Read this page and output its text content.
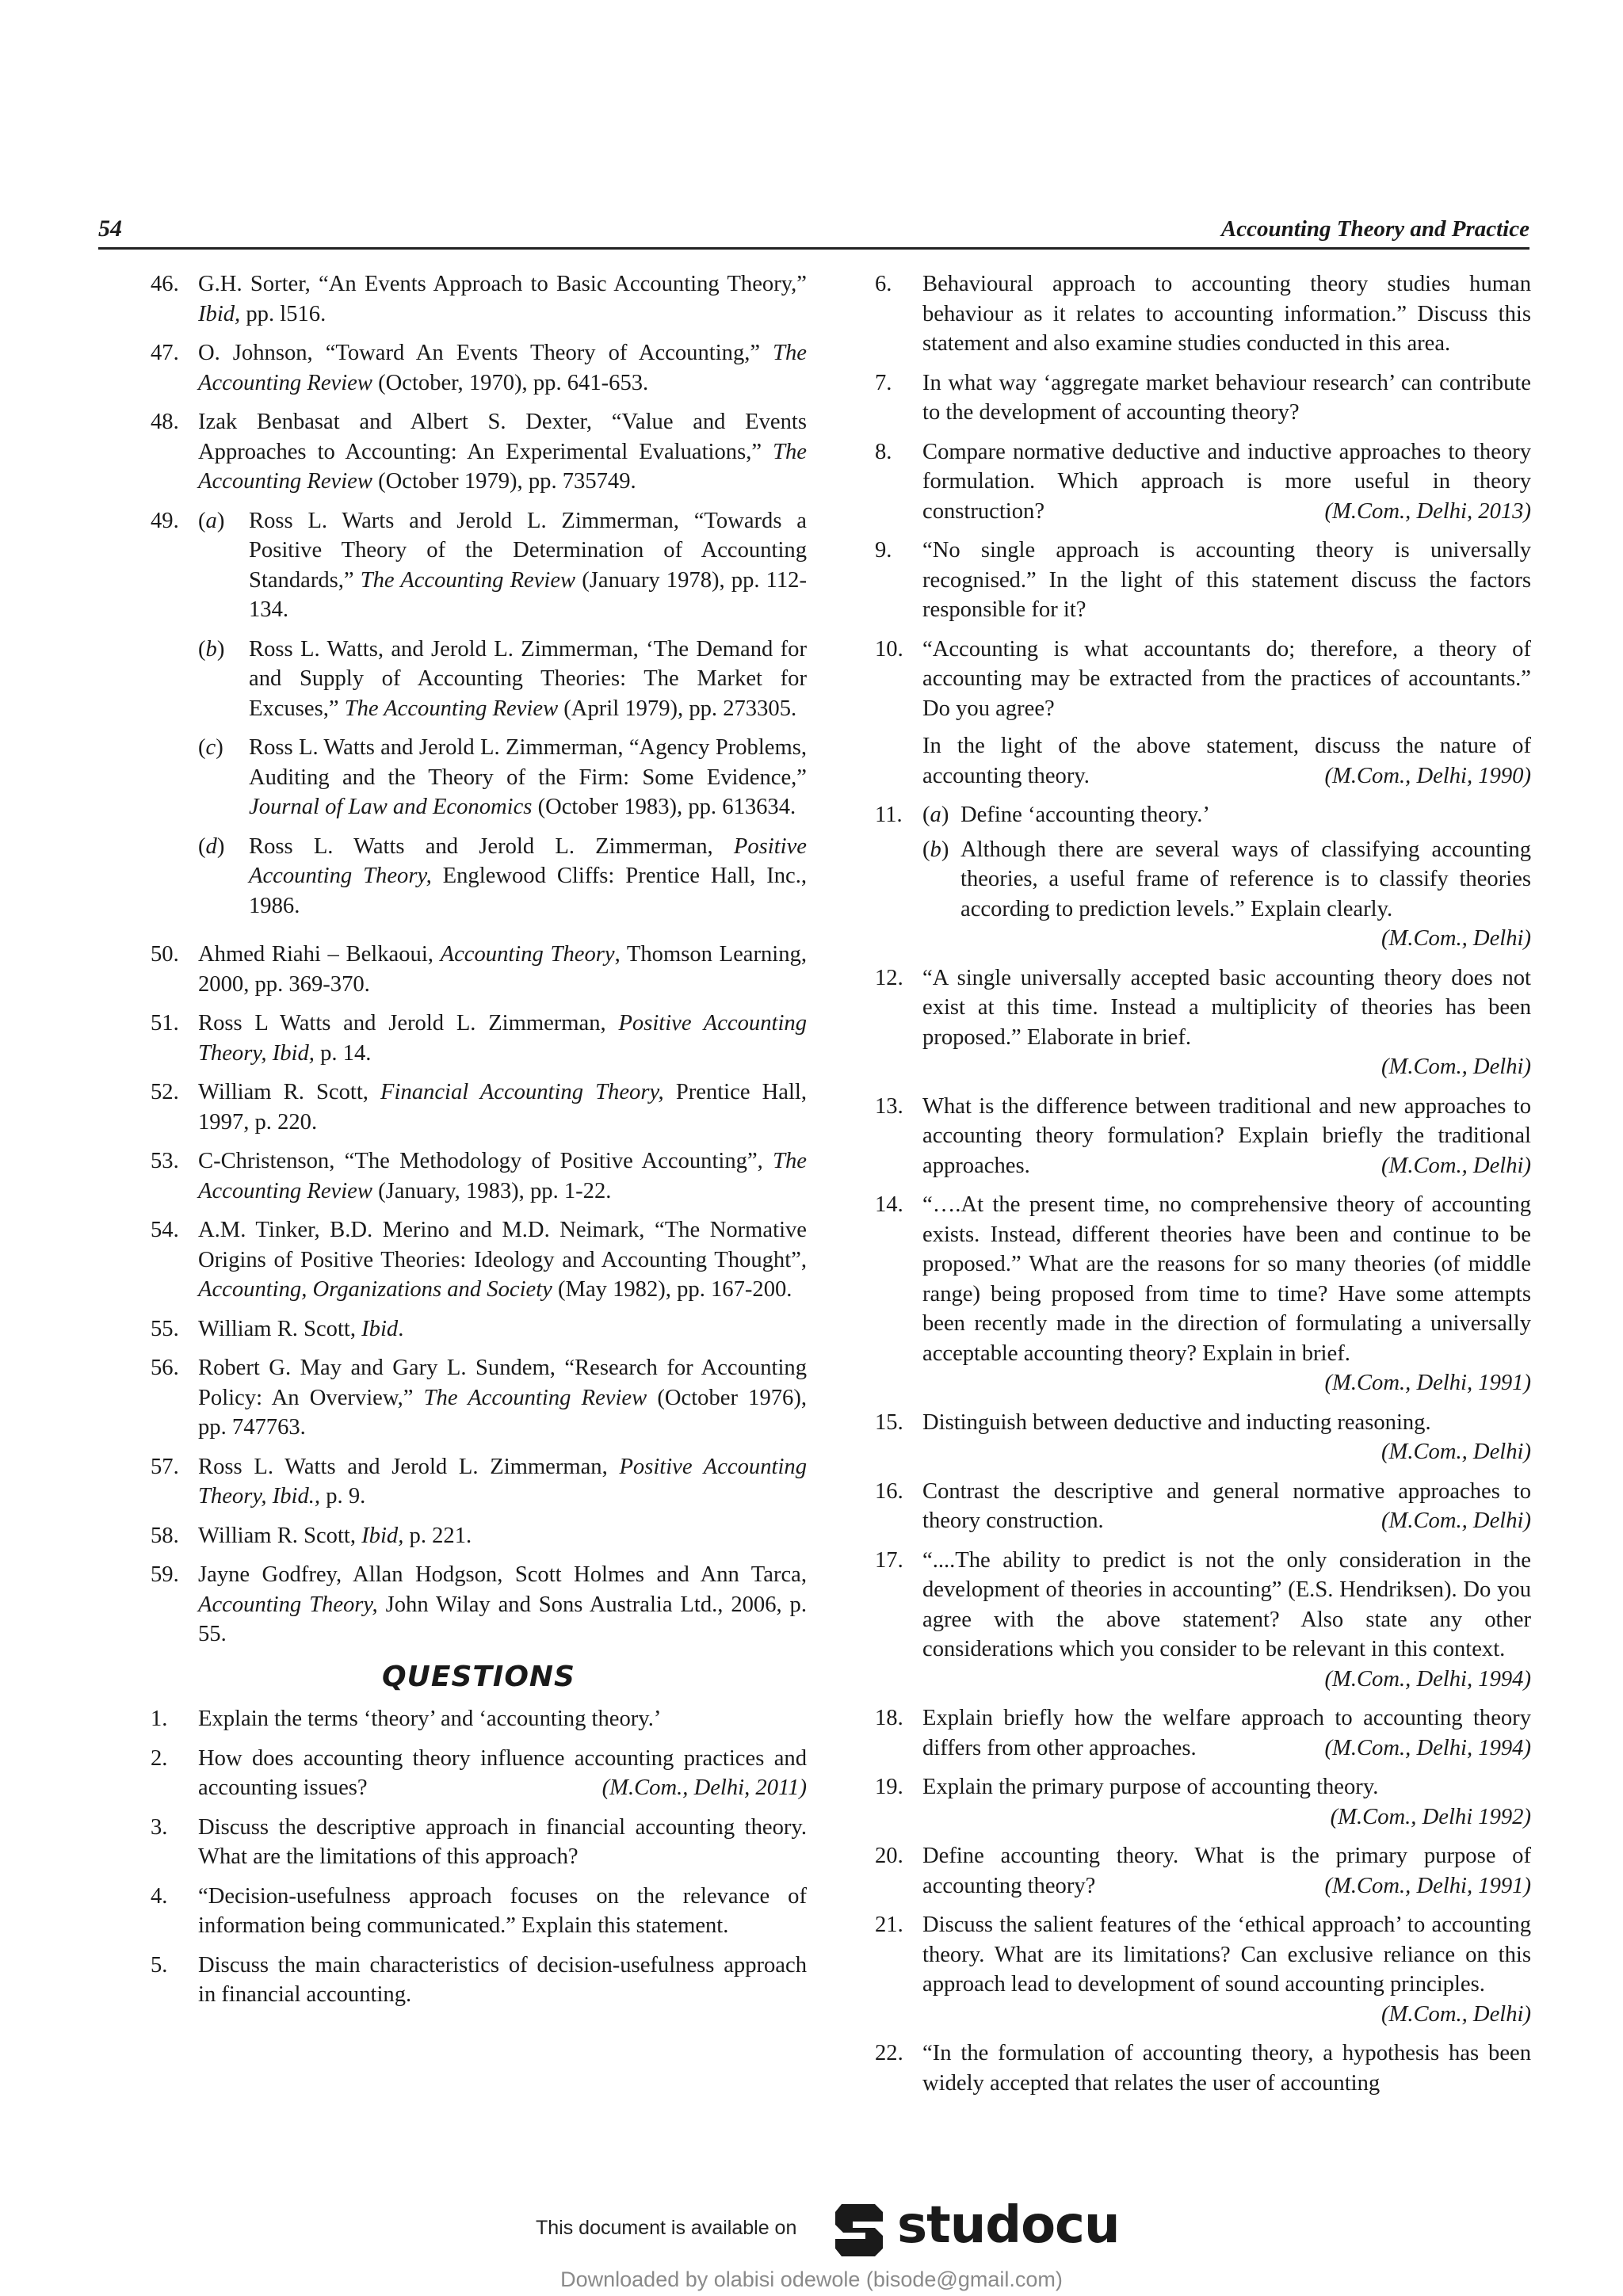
54	Accounting Theory and Practice
46. G.H. Sorter, “An Events Approach to Basic Accounting Theory,” Ibid, pp. l516.
47. O. Johnson, “Toward An Events Theory of Accounting,” The Accounting Review (October, 1970), pp. 641-653.
48. Izak Benbasat and Albert S. Dexter, “Value and Events Approaches to Accounting: An Experimental Evaluations,” The Accounting Review (October 1979), pp. 735749.
49. (a)	Ross L. Warts and Jerold L. Zimmerman, “Towards a Positive Theory of the Determination of Accounting Standards,” The Accounting Review (January 1978), pp. 112-134.
(b)	Ross L. Watts, and Jerold L. Zimmerman, ‘The Demand for and Supply of Accounting Theories: The Market for Excuses,” The Accounting Review (April 1979), pp. 273305.
(c)	Ross L. Watts and Jerold L. Zimmerman, “Agency Problems, Auditing and the Theory of the Firm: Some Evidence,” Journal of Law and Economics (October 1983), pp. 613634.
(d)	Ross L. Watts and Jerold L. Zimmerman, Positive Accounting Theory, Englewood Cliffs: Prentice Hall, Inc., 1986.
50. Ahmed Riahi – Belkaoui, Accounting Theory, Thomson Learning, 2000, pp. 369-370.
51. Ross L Watts and Jerold L. Zimmerman, Positive Accounting Theory, Ibid, p. 14.
52. William R. Scott, Financial Accounting Theory, Prentice Hall, 1997, p. 220.
53. C-Christenson, “The Methodology of Positive Accounting”, The Accounting Review (January, 1983), pp. 1-22.
54. A.M. Tinker, B.D. Merino and M.D. Neimark, “The Normative Origins of Positive Theories: Ideology and Accounting Thought”, Accounting, Organizations and Society (May 1982), pp. 167-200.
55. William R. Scott, Ibid.
56. Robert G. May and Gary L. Sundem, “Research for Accounting Policy: An Overview,” The Accounting Review (October 1976), pp. 747763.
57. Ross L. Watts and Jerold L. Zimmerman, Positive Accounting Theory, Ibid., p. 9.
58. William R. Scott, Ibid, p. 221.
59. Jayne Godfrey, Allan Hodgson, Scott Holmes and Ann Tarca, Accounting Theory, John Wilay and Sons Australia Ltd., 2006, p. 55.
QUESTIONS
1.	Explain the terms ‘theory’ and ‘accounting theory.’
2.	How does accounting theory influence accounting practices and accounting issues?	(M.Com., Delhi, 2011)
3.	Discuss the descriptive approach in financial accounting theory. What are the limitations of this approach?
4.	“Decision-usefulness approach focuses on the relevance of information being communicated.” Explain this statement.
5.	Discuss the main characteristics of decision-usefulness approach in financial accounting.
6.	Behavioural approach to accounting theory studies human behaviour as it relates to accounting information.” Discuss this statement and also examine studies conducted in this area.
7.	In what way ‘aggregate market behaviour research’ can contribute to the development of accounting theory?
8.	Compare normative deductive and inductive approaches to theory formulation. Which approach is more useful in theory construction?	(M.Com., Delhi, 2013)
9.	“No single approach is accounting theory is universally recognised.” In the light of this statement discuss the factors responsible for it?
10. “Accounting is what accountants do; therefore, a theory of accounting may be extracted from the practices of accountants.” Do you agree?
In the light of the above statement, discuss the nature of accounting theory.	(M.Com., Delhi, 1990)
11. (a) Define ‘accounting theory.’
(b) Although there are several ways of classifying accounting theories, a useful frame of reference is to classify theories according to prediction levels.” Explain clearly.
(M.Com., Delhi)
12. “A single universally accepted basic accounting theory does not exist at this time. Instead a multiplicity of theories has been proposed.” Elaborate in brief.
(M.Com., Delhi)
13. What is the difference between traditional and new approaches to accounting theory formulation? Explain briefly the traditional approaches.	(M.Com., Delhi)
14. “….At the present time, no comprehensive theory of accounting exists. Instead, different theories have been and continue to be proposed.” What are the reasons for so many theories (of middle range) being proposed from time to time? Have some attempts been recently made in the direction of formulating a universally acceptable accounting theory? Explain in brief.
(M.Com., Delhi, 1991)
15. Distinguish between deductive and inducting reasoning.
(M.Com., Delhi)
16. Contrast the descriptive and general normative approaches to theory construction.	(M.Com., Delhi)
17. “....The ability to predict is not the only consideration in the development of theories in accounting” (E.S. Hendriksen). Do you agree with the above statement? Also state any other considerations which you consider to be relevant in this context.
(M.Com., Delhi, 1994)
18. Explain briefly how the welfare approach to accounting theory differs from other approaches.	(M.Com., Delhi, 1994)
19. Explain the primary purpose of accounting theory.
(M.Com., Delhi 1992)
20. Define accounting theory. What is the primary purpose of accounting theory?	(M.Com., Delhi, 1991)
21. Discuss the salient features of the ‘ethical approach’ to accounting theory. What are its limitations? Can exclusive reliance on this approach lead to development of sound accounting principles.
(M.Com., Delhi)
22. “In the formulation of accounting theory, a hypothesis has been widely accepted that relates the user of accounting
This document is available on studocu
Downloaded by olabisi odewole (bisode@gmail.com)
